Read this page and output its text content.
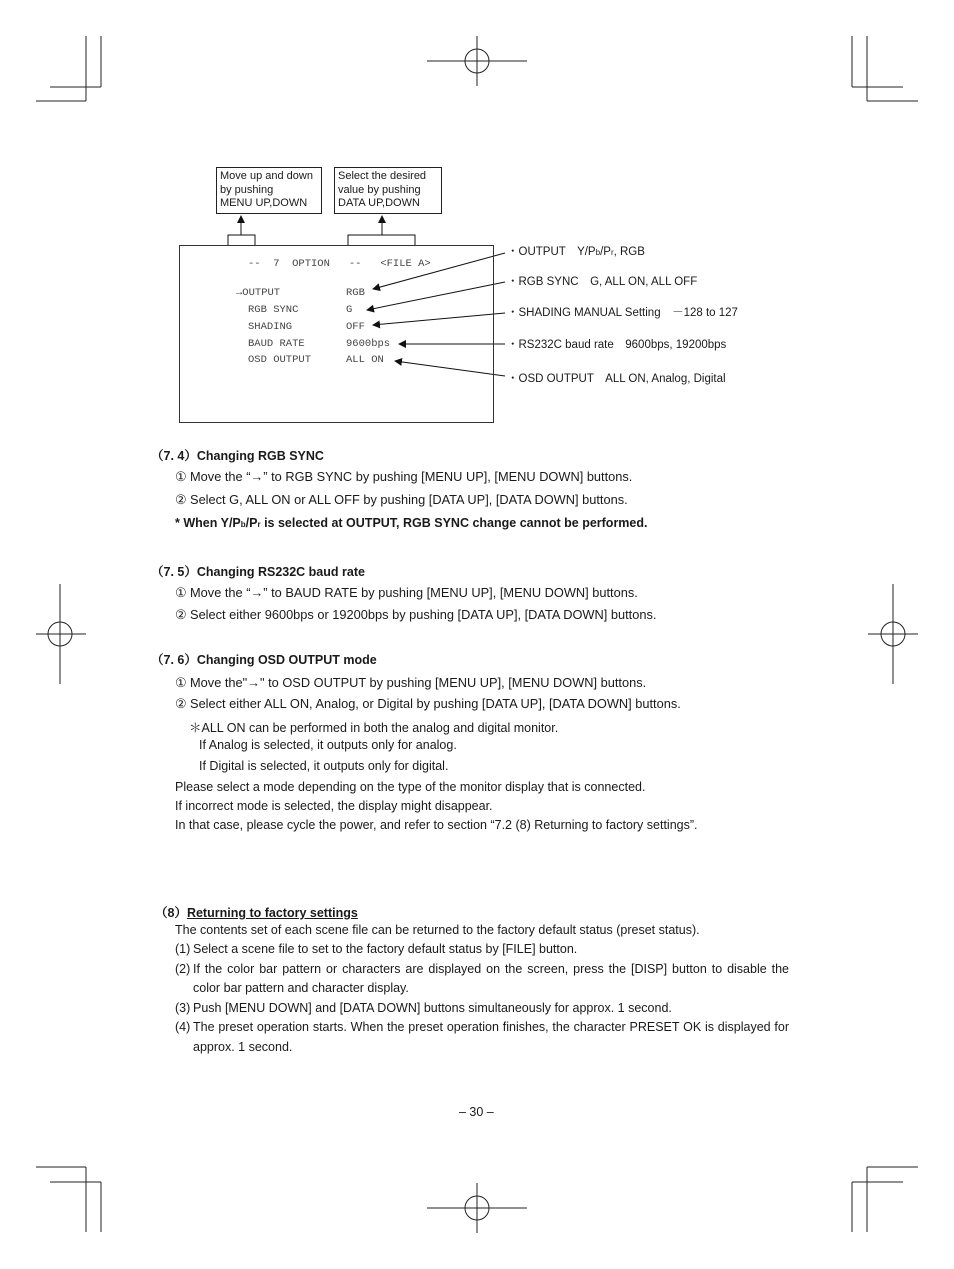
Move up and down
by pushing
MENU UP,DOWN
Select the desired
value by pushing
DATA UP,DOWN
--  7  OPTION   --   <FILE A>
→OUTPUT	RGB
RGB SYNC	G
SHADING	OFF
BAUD RATE	9600bps
OSD OUTPUT	ALL ON
・OUTPUT　Y/Pb/Pr, RGB
・RGB SYNC　G, ALL ON, ALL OFF
・SHADING MANUAL Setting　－128 to 127
・RS232C baud rate　9600bps, 19200bps
・OSD OUTPUT　ALL ON, Analog, Digital
（7. 4）Changing RGB SYNC
① Move the “→” to RGB SYNC by pushing [MENU UP], [MENU DOWN] buttons.
② Select G, ALL ON or ALL OFF by pushing [DATA UP], [DATA DOWN] buttons.
* When Y/Pb/Pr is selected at OUTPUT, RGB SYNC change cannot be performed.
（7. 5）Changing RS232C baud rate
① Move the “→” to BAUD RATE by pushing [MENU UP], [MENU DOWN] buttons.
② Select either 9600bps or 19200bps by pushing [DATA UP], [DATA DOWN] buttons.
（7. 6）Changing OSD OUTPUT mode
① Move the"→" to OSD OUTPUT by pushing [MENU UP], [MENU DOWN] buttons.
② Select either ALL ON, Analog, or Digital by pushing [DATA UP], [DATA DOWN] buttons.
＊ALL ON can be performed in both the analog and digital monitor.
If Analog is selected, it outputs only for analog.
If Digital is selected, it outputs only for digital.
Please select a mode depending on the type of the monitor display that is connected.
If incorrect mode is selected, the display might disappear.
In that case, please cycle the power, and refer to section “7.2 (8) Returning to factory settings”.
（8）Returning to factory settings
The contents set of each scene file can be returned to the factory default status (preset status).
(1) Select a scene file to set to the factory default status by [FILE] button.
(2) If the color bar pattern or characters are displayed on the screen, press the [DISP] button to disable the color bar pattern and character display.
(3) Push [MENU DOWN] and [DATA DOWN] buttons simultaneously for approx. 1 second.
(4) The preset operation starts. When the preset operation finishes, the character PRESET OK is displayed for approx. 1 second.
– 30 –
